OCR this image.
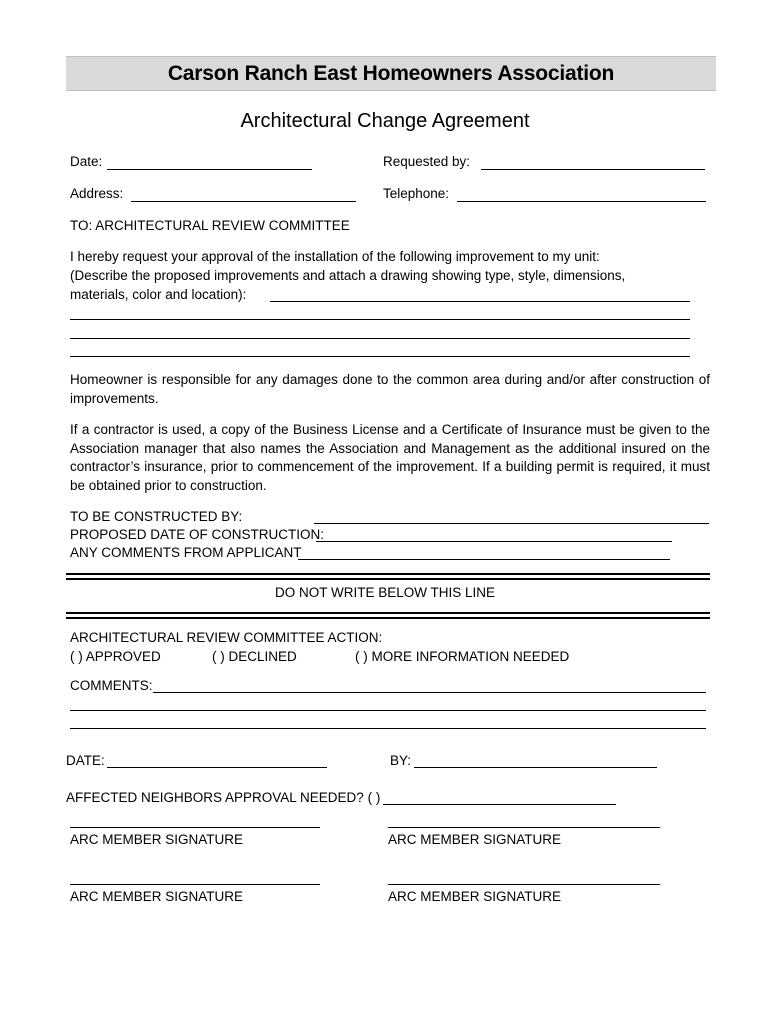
Carson Ranch East Homeowners Association
Architectural Change Agreement
Date:	Requested by:
Address:	Telephone:
TO: ARCHITECTURAL REVIEW COMMITTEE
I hereby request your approval of the installation of the following improvement to my unit:
(Describe the proposed improvements and attach a drawing showing type, style, dimensions,
materials, color and location):
Homeowner is responsible for any damages done to the common area during and/or after construction of improvements.
If a contractor is used, a copy of the Business License and a Certificate of Insurance must be given to the Association manager that also names the Association and Management as the additional insured on the contractor’s insurance, prior to commencement of the improvement. If a building permit is required, it must be obtained prior to construction.
TO BE CONSTRUCTED BY:
PROPOSED DATE OF CONSTRUCTION:
ANY COMMENTS FROM APPLICANT
DO NOT WRITE BELOW THIS LINE
ARCHITECTURAL REVIEW COMMITTEE ACTION:
( ) APPROVED	( ) DECLINED	( ) MORE INFORMATION NEEDED
COMMENTS:
DATE:	BY:
AFFECTED NEIGHBORS APPROVAL NEEDED? ( )
ARC MEMBER SIGNATURE	ARC MEMBER SIGNATURE
ARC MEMBER SIGNATURE	ARC MEMBER SIGNATURE
